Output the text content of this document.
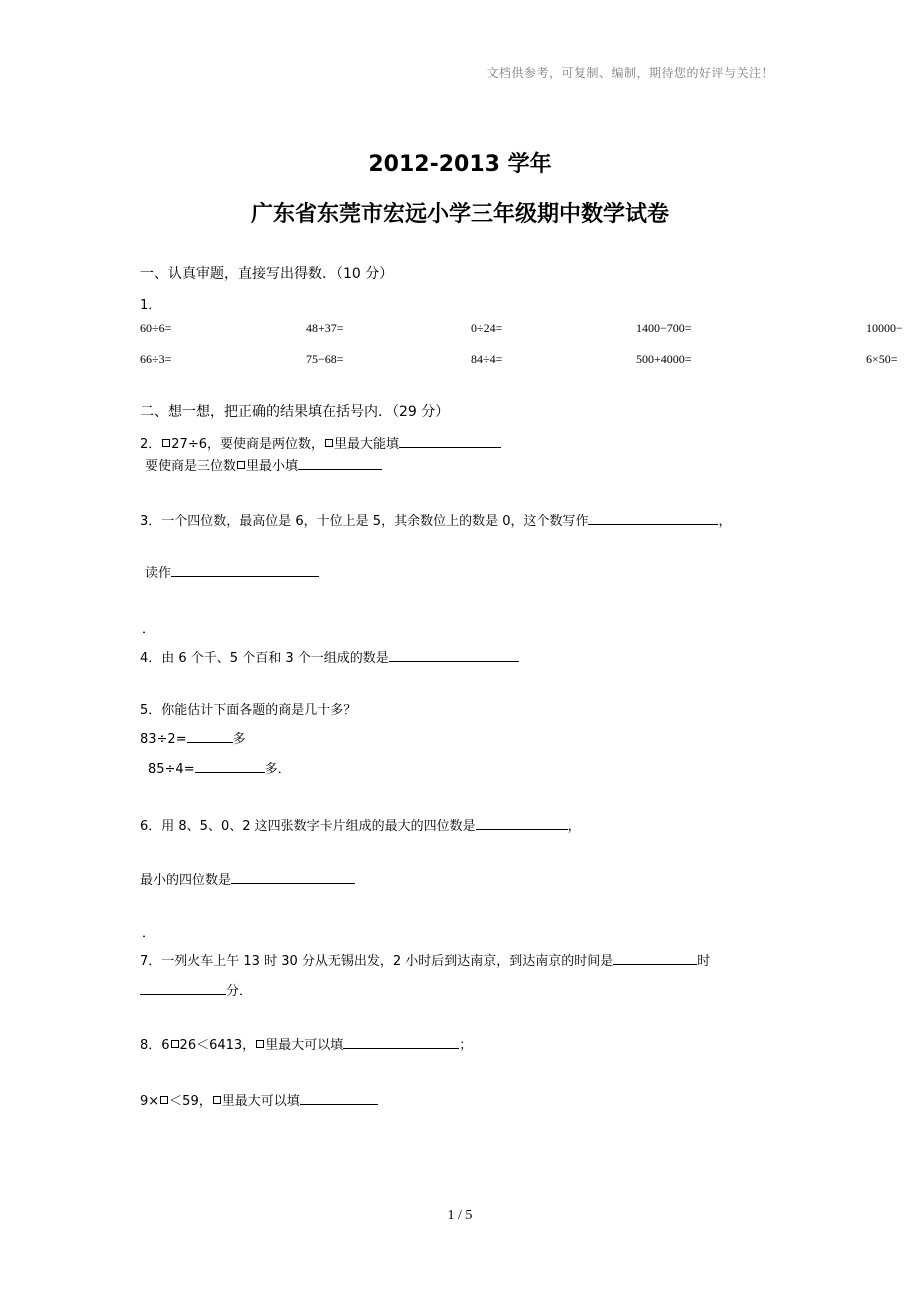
文档供参考，可复制、编制，期待您的好评与关注！
2012-2013 学年
广东省东莞市宏远小学三年级期中数学试卷
一、认真审题，直接写出得数．（10 分）
1．
60÷6=	48+37=	0÷24=	1400−700=	10000−
66÷3=	75−68=	84÷4=	500+4000=	6×50=
二、想一想，把正确的结果填在括号内．（29 分）
2． 27÷6，要使商是两位数， 里最大能填
要使商是三位数 里最小填
3．一个四位数，最高位是 6，十位上是 5，其余数位上的数是 0，这个数写作	，
读作
．
4．由 6 个千、5 个百和 3 个一组成的数是
5．你能估计下面各题的商是几十多？
83÷2=	多
85÷4=	多．
6．用 8、5、0、2 这四张数字卡片组成的最大的四位数是	，
最小的四位数是
．
7．一列火车上午 13 时 30 分从无锡出发，2 小时后到达南京，到达南京的时间是	时
分．
8．6 26＜6413， 里最大可以填	；
9× ＜59， 里最大可以填
1 / 5
